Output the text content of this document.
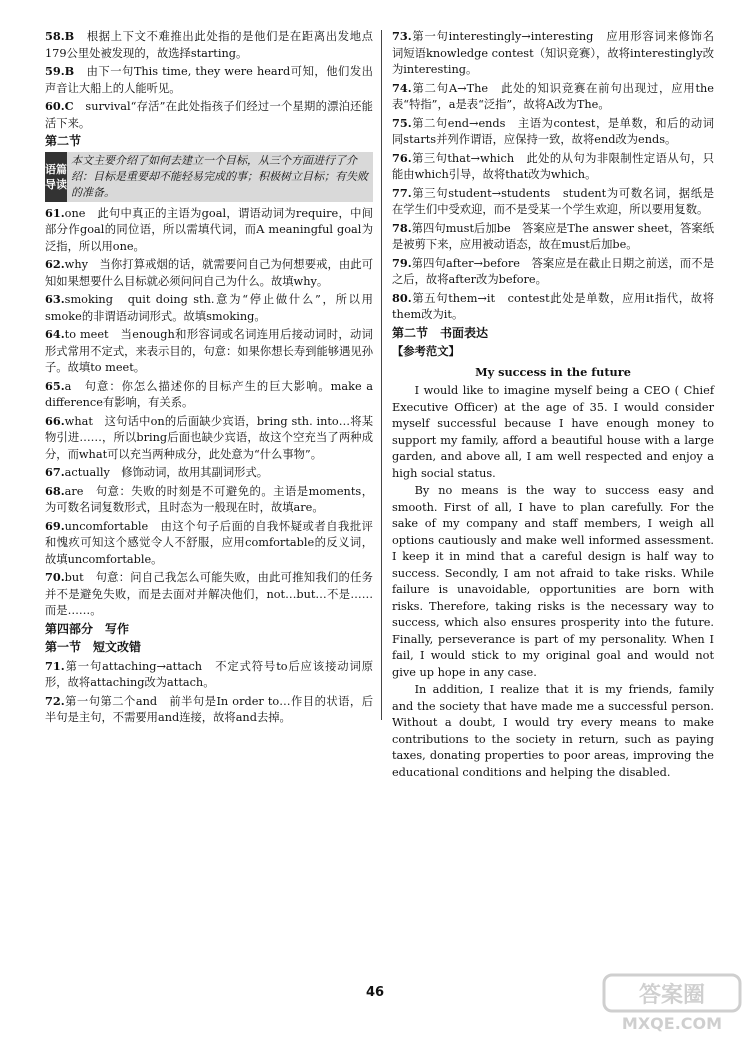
58.B　 根据上下文不难推出此处指的是他们是在距离出发地点179公里处被发现的，故选择starting。
59.B　 由下一句This time, they were heard可知，他们发出声音让大船上的人能听见。
60.C　 survival“存活”在此处指孩子们经过一个星期的漂泊还能活下来。
第二节
语篇导读
本文主要介绍了如何去建立一个目标，从三个方面进行了介绍：目标是重要却不能轻易完成的事；积极树立目标；有失败的准备。
61.one　 此句中真正的主语为goal，谓语动词为require，中间部分作goal的同位语，所以需填代词，而A meaningful goal为泛指，所以用one。
62.why　 当你打算戒烟的话，就需要问自己为何想要戒，由此可知如果想要什么目标就必须问问自己为什么。故填why。
63.smoking　 quit doing sth.意为“停止做什么”，所以用smoke的非谓语动词形式。故填smoking。
64.to meet　 当enough和形容词或名词连用后接动词时，动词形式常用不定式，来表示目的，句意：如果你想长寿到能够遇见孙子。故填to meet。
65.a　 句意：你怎么描述你的目标产生的巨大影响。make a difference有影响，有关系。
66.what　 这句话中on的后面缺少宾语，bring sth. into…将某物引进……，所以bring后面也缺少宾语，故这个空充当了两种成分，而what可以充当两种成分，此处意为“什么事物”。
67.actually　 修饰动词，故用其副词形式。
68.are　 句意：失败的时刻是不可避免的。主语是moments，为可数名词复数形式，且时态为一般现在时，故填are。
69.uncomfortable　 由这个句子后面的自我怀疑或者自我批评和愧疚可知这个感觉令人不舒服，应用comfortable的反义词，故填uncomfortable。
70.but　 句意：问自己我怎么可能失败，由此可推知我们的任务并不是避免失败，而是去面对并解决他们，not…but…不是……而是……。
第四部分　写作
第一节　短文改错
71.第一句attaching→attach　不定式符号to后应该接动词原形，故将attaching改为attach。
72.第一句第二个and　前半句是In order to…作目的状语，后半句是主句，不需要用and连接，故将and去掉。
73.第一句interestingly→interesting　应用形容词来修饰名词短语knowledge contest（知识竞赛），故将interestingly改为interesting。
74.第二句A→The　此处的知识竞赛在前句出现过，应用the表“特指”，a是表“泛指”，故将A改为The。
75.第二句end→ends　主语为contest，是单数，和后的动词同starts并列作谓语，应保持一致，故将end改为ends。
76.第三句that→which　此处的从句为非限制性定语从句，只能由which引导，故将that改为which。
77.第三句student→students　student为可数名词，据纸是在学生们中受欢迎，而不是受某一个学生欢迎，所以要用复数。
78.第四句must后加be　答案应是The answer sheet，答案纸是被剪下来，应用被动语态，故在must后加be。
79.第四句after→before　答案应是在截止日期之前送，而不是之后，故将after改为before。
80.第五句them→it　contest此处是单数，应用it指代，故将them改为it。
第二节　书面表达
【参考范文】
My success in the future
I would like to imagine myself being a CEO ( Chief Executive Officer) at the age of 35. I would consider myself successful because I have enough money to support my family, afford a beautiful house with a large garden, and above all, I am well respected and enjoy a high social status.
By no means is the way to success easy and smooth. First of all, I have to plan carefully. For the sake of my company and staff members, I weigh all options cautiously and make well informed assessment. I keep it in mind that a careful design is half way to success. Secondly, I am not afraid to take risks. While failure is unavoidable, opportunities are born with risks. Therefore, taking risks is the necessary way to success, which also ensures prosperity into the future. Finally, perseverance is part of my personality. When I fail, I would stick to my original goal and would not give up hope in any case.
In addition, I realize that it is my friends, family and the society that have made me a successful person. Without a doubt, I would try every means to make contributions to the society in return, such as paying taxes, donating properties to poor areas, improving the educational conditions and helping the disabled.
46	答案圈
MXQE.COM
